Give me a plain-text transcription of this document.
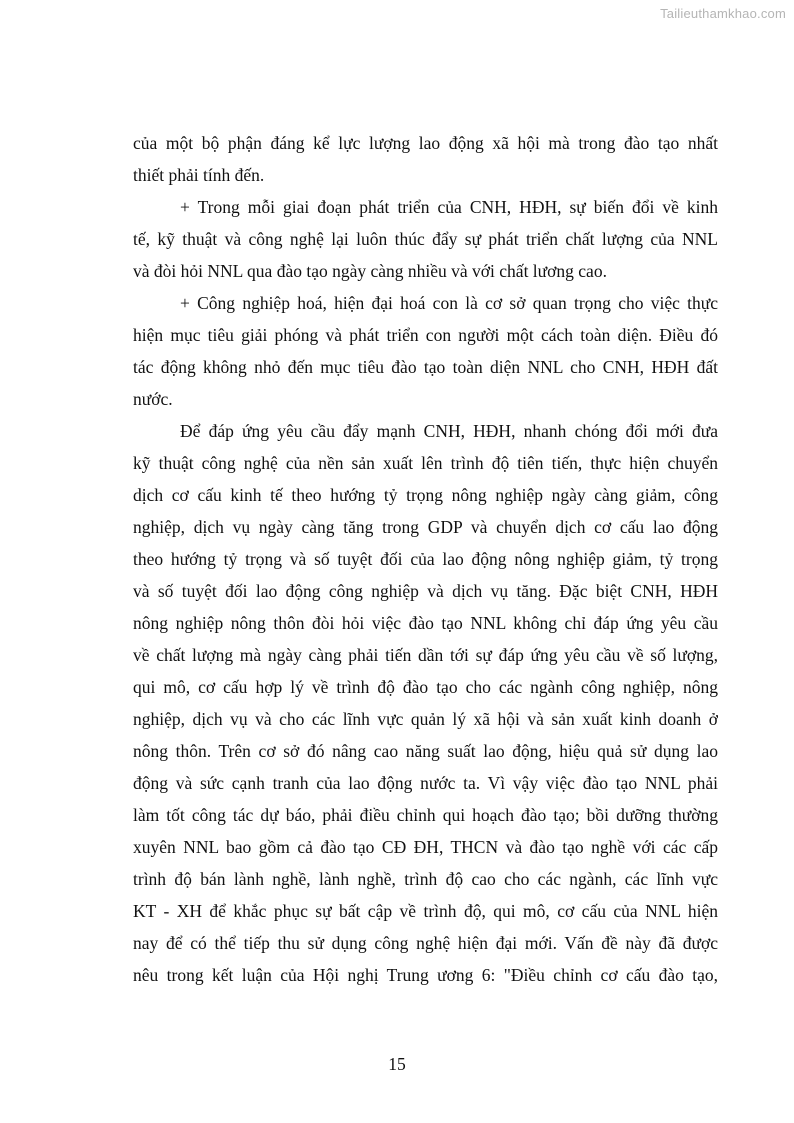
Tailieuthamkhao.com
của một bộ phận đáng kể lực lượng lao động xã hội mà trong đào tạo nhất
thiết phải tính đến.
+ Trong mỗi giai đoạn phát triển của CNH, HĐH, sự biến đổi về kinh
tế, kỹ thuật và công nghệ lại luôn thúc đẩy sự phát triển chất lượng của NNL
và đòi hỏi NNL qua đào tạo ngày càng nhiều và với chất lương cao.
+ Công nghiệp hoá, hiện đại hoá con là cơ sở quan trọng cho việc thực
hiện mục tiêu giải phóng và phát triển con người một cách toàn diện. Điều đó
tác động không nhỏ đến mục tiêu đào tạo toàn diện NNL cho CNH, HĐH đất
nước.
Để đáp ứng yêu cầu đẩy mạnh CNH, HĐH, nhanh chóng đổi mới đưa
kỹ thuật công nghệ của nền sản xuất lên trình độ tiên tiến, thực hiện chuyển
dịch cơ cấu kinh tế theo hướng tỷ trọng nông nghiệp ngày càng giảm, công
nghiệp, dịch vụ ngày càng tăng trong GDP và chuyển dịch cơ cấu lao động
theo hướng tỷ trọng và số tuyệt đối của lao động nông nghiệp giảm, tỷ trọng
và số tuyệt đối lao động công nghiệp và dịch vụ tăng. Đặc biệt CNH, HĐH
nông nghiệp nông thôn đòi hỏi việc đào tạo NNL không chỉ đáp ứng yêu cầu
về chất lượng mà ngày càng phải tiến dần tới sự đáp ứng yêu cầu về số lượng,
qui mô, cơ cấu hợp lý về trình độ đào tạo cho các ngành công nghiệp, nông
nghiệp, dịch vụ và cho các lĩnh vực quản lý xã hội và sản xuất kinh doanh ở
nông thôn. Trên cơ sở đó nâng cao năng suất lao động, hiệu quả sử dụng lao
động và sức cạnh tranh của lao động nước ta. Vì vậy việc đào tạo NNL phải
làm tốt công tác dự báo, phải điều chỉnh qui hoạch đào tạo; bồi dưỡng thường
xuyên NNL bao gồm cả đào tạo CĐ ĐH, THCN và đào tạo nghề với các cấp
trình độ bán lành nghề, lành nghề, trình độ cao cho các ngành, các lĩnh vực
KT - XH để khắc phục sự bất cập về trình độ, qui mô, cơ cấu của NNL hiện
nay để có thể tiếp thu sử dụng công nghệ hiện đại mới. Vấn đề này đã được
nêu trong kết luận của Hội nghị Trung ương 6: "Điều chỉnh cơ cấu đào tạo,
15
